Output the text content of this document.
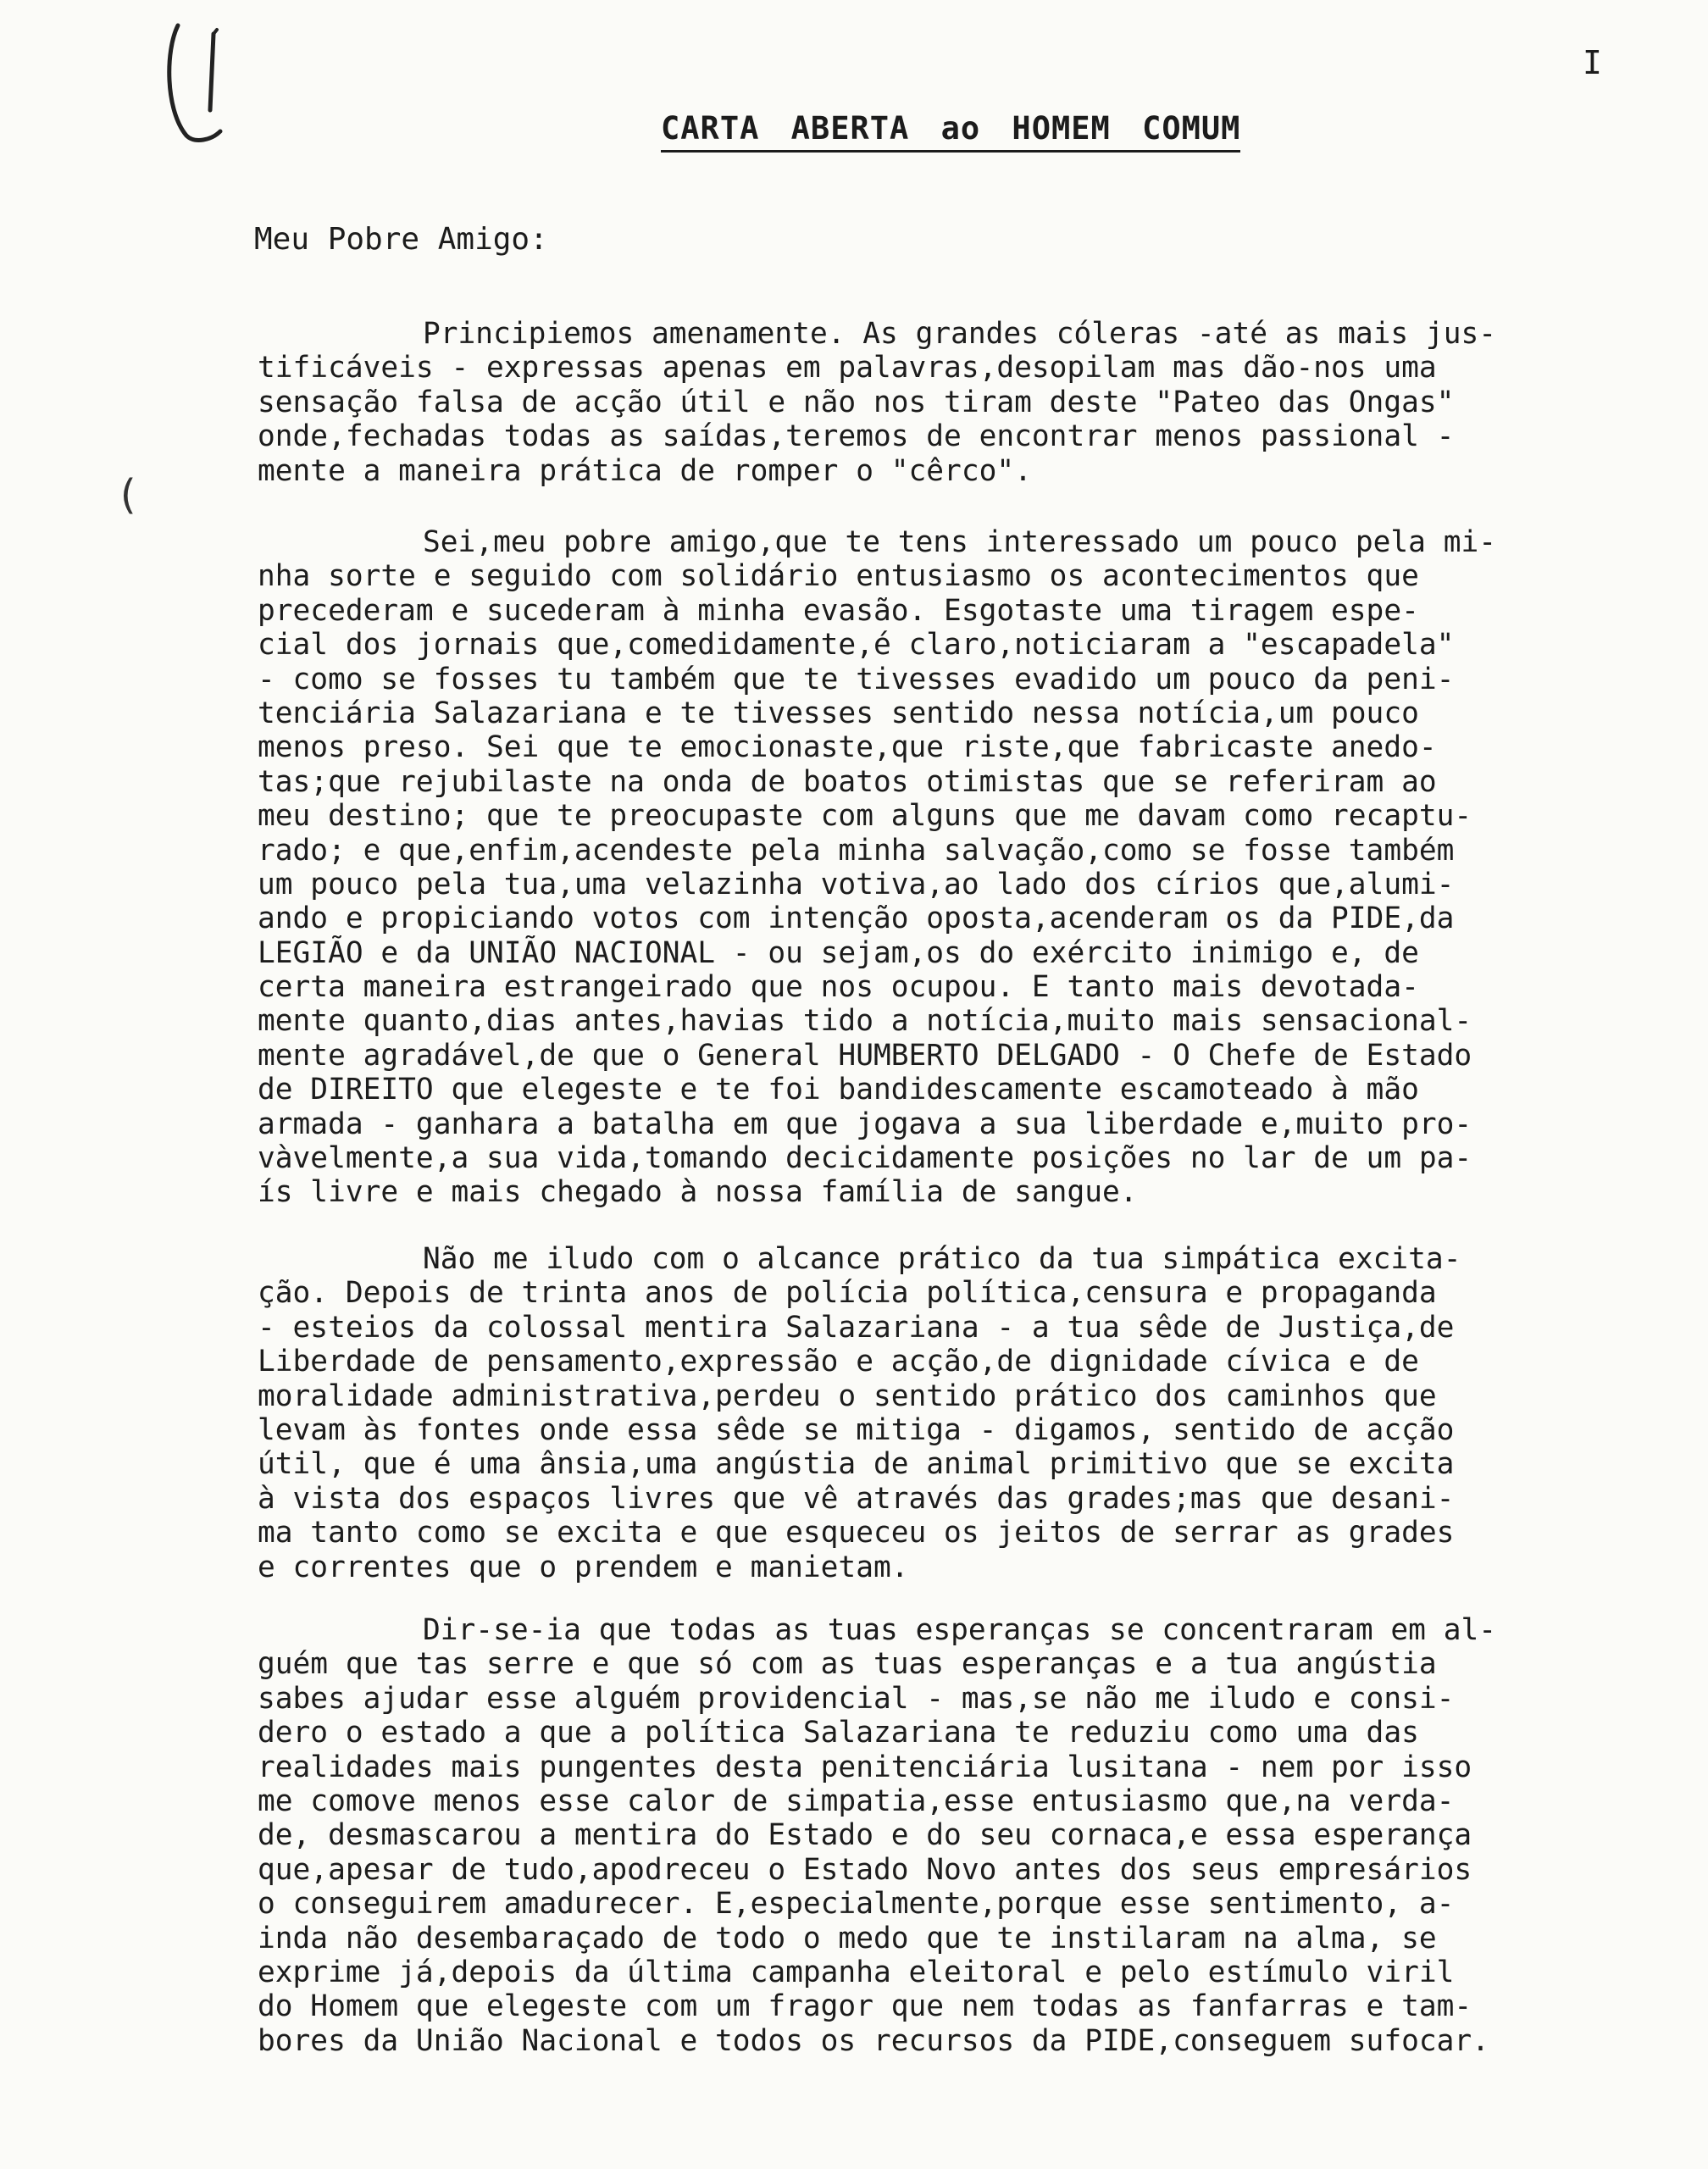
(
I
CARTA ABERTA ao HOMEM COMUM
Meu Pobre Amigo:
Principiemos amenamente. As grandes cóleras -até as mais jus-
tificáveis - expressas apenas em palavras,desopilam mas dão-nos uma
sensação falsa de acção útil e não nos tiram deste "Pateo das Ongas"
onde,fechadas todas as saídas,teremos de encontrar menos passional -
mente a maneira prática de romper o "cêrco".
Sei,meu pobre amigo,que te tens interessado um pouco pela mi-
nha sorte e seguido com solidário entusiasmo os acontecimentos que
precederam e sucederam à minha evasão. Esgotaste uma tiragem espe-
cial dos jornais que,comedidamente,é claro,noticiaram a "escapadela"
- como se fosses tu também que te tivesses evadido um pouco da peni-
tenciária Salazariana e te tivesses sentido nessa notícia,um pouco
menos preso. Sei que te emocionaste,que riste,que fabricaste anedo-
tas;que rejubilaste na onda de boatos otimistas que se referiram ao
meu destino; que te preocupaste com alguns que me davam como recaptu-
rado; e que,enfim,acendeste pela minha salvação,como se fosse também
um pouco pela tua,uma velazinha votiva,ao lado dos círios que,alumi-
ando e propiciando votos com intenção oposta,acenderam os da PIDE,da
LEGIÃO e da UNIÃO NACIONAL - ou sejam,os do exército inimigo e, de
certa maneira estrangeirado que nos ocupou. E tanto mais devotada-
mente quanto,dias antes,havias tido a notícia,muito mais sensacional-
mente agradável,de que o General HUMBERTO DELGADO - O Chefe de Estado
de DIREITO que elegeste e te foi bandidescamente escamoteado à mão
armada - ganhara a batalha em que jogava a sua liberdade e,muito pro-
vàvelmente,a sua vida,tomando decicidamente posições no lar de um pa-
ís livre e mais chegado à nossa família de sangue.
Não me iludo com o alcance prático da tua simpática excita-
ção. Depois de trinta anos de polícia política,censura e propaganda
- esteios da colossal mentira Salazariana - a tua sêde de Justiça,de
Liberdade de pensamento,expressão e acção,de dignidade cívica e de
moralidade administrativa,perdeu o sentido prático dos caminhos que
levam às fontes onde essa sêde se mitiga - digamos, sentido de acção
útil, que é uma ânsia,uma angústia de animal primitivo que se excita
à vista dos espaços livres que vê através das grades;mas que desani-
ma tanto como se excita e que esqueceu os jeitos de serrar as grades
e correntes que o prendem e manietam.
Dir-se-ia que todas as tuas esperanças se concentraram em al-
guém que tas serre e que só com as tuas esperanças e a tua angústia
sabes ajudar esse alguém providencial - mas,se não me iludo e consi-
dero o estado a que a política Salazariana te reduziu como uma das
realidades mais pungentes desta penitenciária lusitana - nem por isso
me comove menos esse calor de simpatia,esse entusiasmo que,na verda-
de, desmascarou a mentira do Estado e do seu cornaca,e essa esperança
que,apesar de tudo,apodreceu o Estado Novo antes dos seus empresários
o conseguirem amadurecer. E,especialmente,porque esse sentimento, a-
inda não desembaraçado de todo o medo que te instilaram na alma, se
exprime já,depois da última campanha eleitoral e pelo estímulo viril
do Homem que elegeste com um fragor que nem todas as fanfarras e tam-
bores da União Nacional e todos os recursos da PIDE,conseguem sufocar.
